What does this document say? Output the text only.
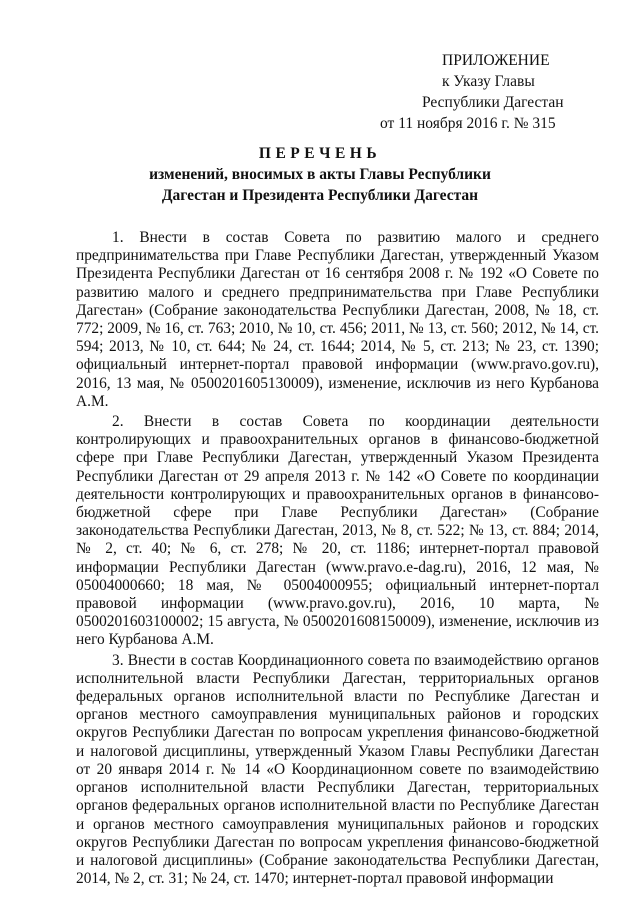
ПРИЛОЖЕНИЕ
к Указу Главы
Республики Дагестан
от 11 ноября 2016 г. № 315
ПЕРЕЧЕНЬ
изменений, вносимых в акты Главы Республики
Дагестан и Президента Республики Дагестан

1. Внести в состав Совета по развитию малого и среднего предпринимательства при Главе Республики Дагестан, утвержденный Указом Президента Республики Дагестан от 16 сентября 2008 г. № 192 «О Совете по развитию малого и среднего предпринимательства при Главе Республики Дагестан» (Собрание законодательства Республики Дагестан, 2008, № 18, ст. 772; 2009, № 16, ст. 763; 2010, № 10, ст. 456; 2011, № 13, ст. 560; 2012, № 14, ст. 594; 2013, № 10, ст. 644; № 24, ст. 1644; 2014, № 5, ст. 213; № 23, ст. 1390; официальный интернет-портал правовой информации (www.pravo.gov.ru), 2016, 13 мая, № 0500201605130009), изменение, исключив из него Курбанова А.М.

2. Внести в состав Совета по координации деятельности контролирующих и правоохранительных органов в финансово-бюджетной сфере при Главе Республики Дагестан, утвержденный Указом Президента Республики Дагестан от 29 апреля 2013 г. № 142 «О Совете по координации деятельности контролирующих и правоохранительных органов в финансово-бюджетной сфере при Главе Республики Дагестан» (Собрание законодательства Республики Дагестан, 2013, № 8, ст. 522; № 13, ст. 884; 2014, № 2, ст. 40; № 6, ст. 278; № 20, ст. 1186; интернет-портал правовой информации Республики Дагестан (www.pravo.e-dag.ru), 2016, 12 мая, № 05004000660; 18 мая, № 05004000955; официальный интернет-портал правовой информации (www.pravo.gov.ru), 2016, 10 марта, № 0500201603100002; 15 августа, № 0500201608150009), изменение, исключив из него Курбанова А.М.

3. Внести в состав Координационного совета по взаимодействию органов исполнительной власти Республики Дагестан, территориальных органов федеральных органов исполнительной власти по Республике Дагестан и органов местного самоуправления муниципальных районов и городских округов Республики Дагестан по вопросам укрепления финансово-бюджетной и налоговой дисциплины, утвержденный Указом Главы Республики Дагестан от 20 января 2014 г. № 14 «О Координационном совете по взаимодействию органов исполнительной власти Республики Дагестан, территориальных органов федеральных органов исполнительной власти по Республике Дагестан и органов местного самоуправления муниципальных районов и городских округов Республики Дагестан по вопросам укрепления финансово-бюджетной и налоговой дисциплины» (Собрание законодательства Республики Дагестан, 2014, № 2, ст. 31; № 24, ст. 1470; интернет-портал правовой информации
